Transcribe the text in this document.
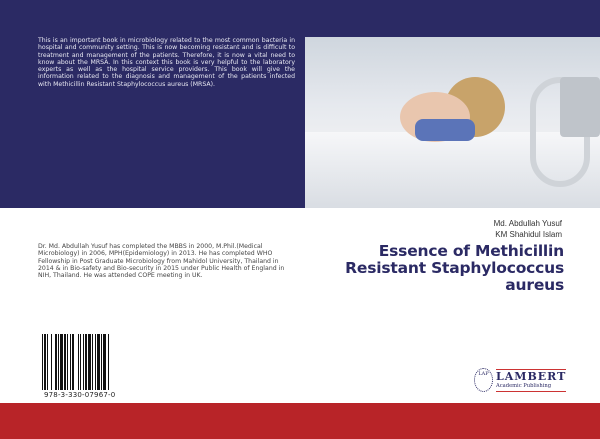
This is an important book in microbiology related to the most common bacteria in hospital and community setting. This is now becoming resistant and is difficult to treatment and management of the patients. Therefore, it is now a vital need to know about the MRSA. In this context this book is very helpful to the laboratory experts as well as the hospital service providers. This book will give the information related to the diagnosis and management of the patients infected with Methicillin Resistant Staphylococcus aureus (MRSA).

Md. Abdullah Yusuf
KM Shahidul Islam
Essence of Methicillin
Resistant Staphylococcus
aureus

Dr. Md. Abdullah Yusuf has completed the MBBS in 2000, M.Phil.(Medical Microbiology) in 2006, MPH(Epidemiology) in 2013. He has completed WHO Fellowship in Post Graduate Microbiology from Mahidol University, Thailand in 2014 & in Bio-safety and Bio-security in 2015 under Public Health of England in NIH, Thailand. He was attended COPE meeting in UK.

978-3-330-07967-0
LAP LAMBERT
Academic Publishing
